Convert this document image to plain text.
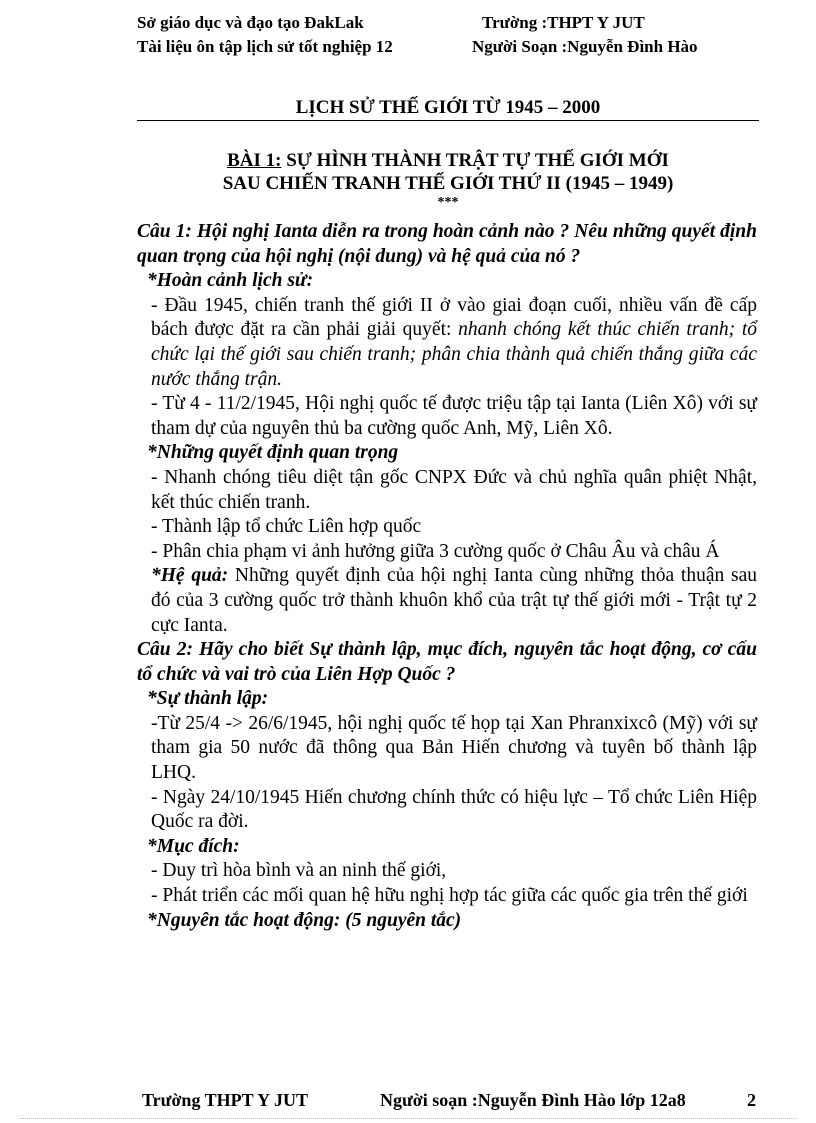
Sở giáo dục và đạo tạo ĐakLak	Trường :THPT Y JUT
Tài liệu ôn tập lịch sử tốt nghiệp 12	Người Soạn :Nguyễn Đình Hào
LỊCH SỬ THẾ GIỚI TỪ 1945 – 2000
BÀI 1: SỰ HÌNH THÀNH TRẬT TỰ THẾ GIỚI MỚI
SAU CHIẾN TRANH THẾ GIỚI THỨ II (1945 – 1949)
***

Câu 1: Hội nghị Ianta diễn ra trong hoàn cảnh nào ? Nêu những quyết định quan trọng của hội nghị (nội dung) và hệ quả của nó ?

*Hoàn cảnh lịch sử:

- Đầu 1945, chiến tranh thế giới II ở vào giai đoạn cuối, nhiều vấn đề cấp bách được đặt ra cần phải giải quyết: nhanh chóng kết thúc chiến tranh; tổ chức lại thế giới sau chiến tranh; phân chia thành quả chiến thắng giữa các nước thắng trận.

- Từ 4 - 11/2/1945, Hội nghị quốc tế được triệu tập tại Ianta (Liên Xô) với sự tham dự của nguyên thủ ba cường quốc Anh, Mỹ, Liên Xô.

*Những quyết định quan trọng

- Nhanh chóng tiêu diệt tận gốc CNPX Đức và chủ nghĩa quân phiệt Nhật, kết thúc chiến tranh.

- Thành lập tổ chức Liên hợp quốc

- Phân chia phạm vi ảnh hưởng giữa 3 cường quốc ở Châu Âu và châu Á

*Hệ quả: Những quyết định của hội nghị Ianta cùng những thỏa thuận sau đó của 3 cường quốc trở thành khuôn khổ của trật tự thế giới mới - Trật tự 2 cực Ianta.

Câu 2: Hãy cho biết Sự thành lập, mục đích, nguyên tắc hoạt động, cơ cấu tổ chức và vai trò của Liên Hợp Quốc ?

*Sự thành lập:

-Từ 25/4 -> 26/6/1945, hội nghị quốc tế họp tại Xan Phranxixcô (Mỹ) với sự tham gia 50 nước đã thông qua Bản Hiến chương và tuyên bố thành lập LHQ.

- Ngày 24/10/1945 Hiến chương chính thức có hiệu lực – Tổ chức Liên Hiệp Quốc ra đời.

*Mục đích:

- Duy trì hòa bình và an ninh thế giới,

- Phát triển các mối quan hệ hữu nghị hợp tác giữa các quốc gia trên thế giới

*Nguyên tắc hoạt động: (5 nguyên tắc)

Trường THPT Y JUT	Người soạn :Nguyễn Đình Hào lớp 12a8	2
